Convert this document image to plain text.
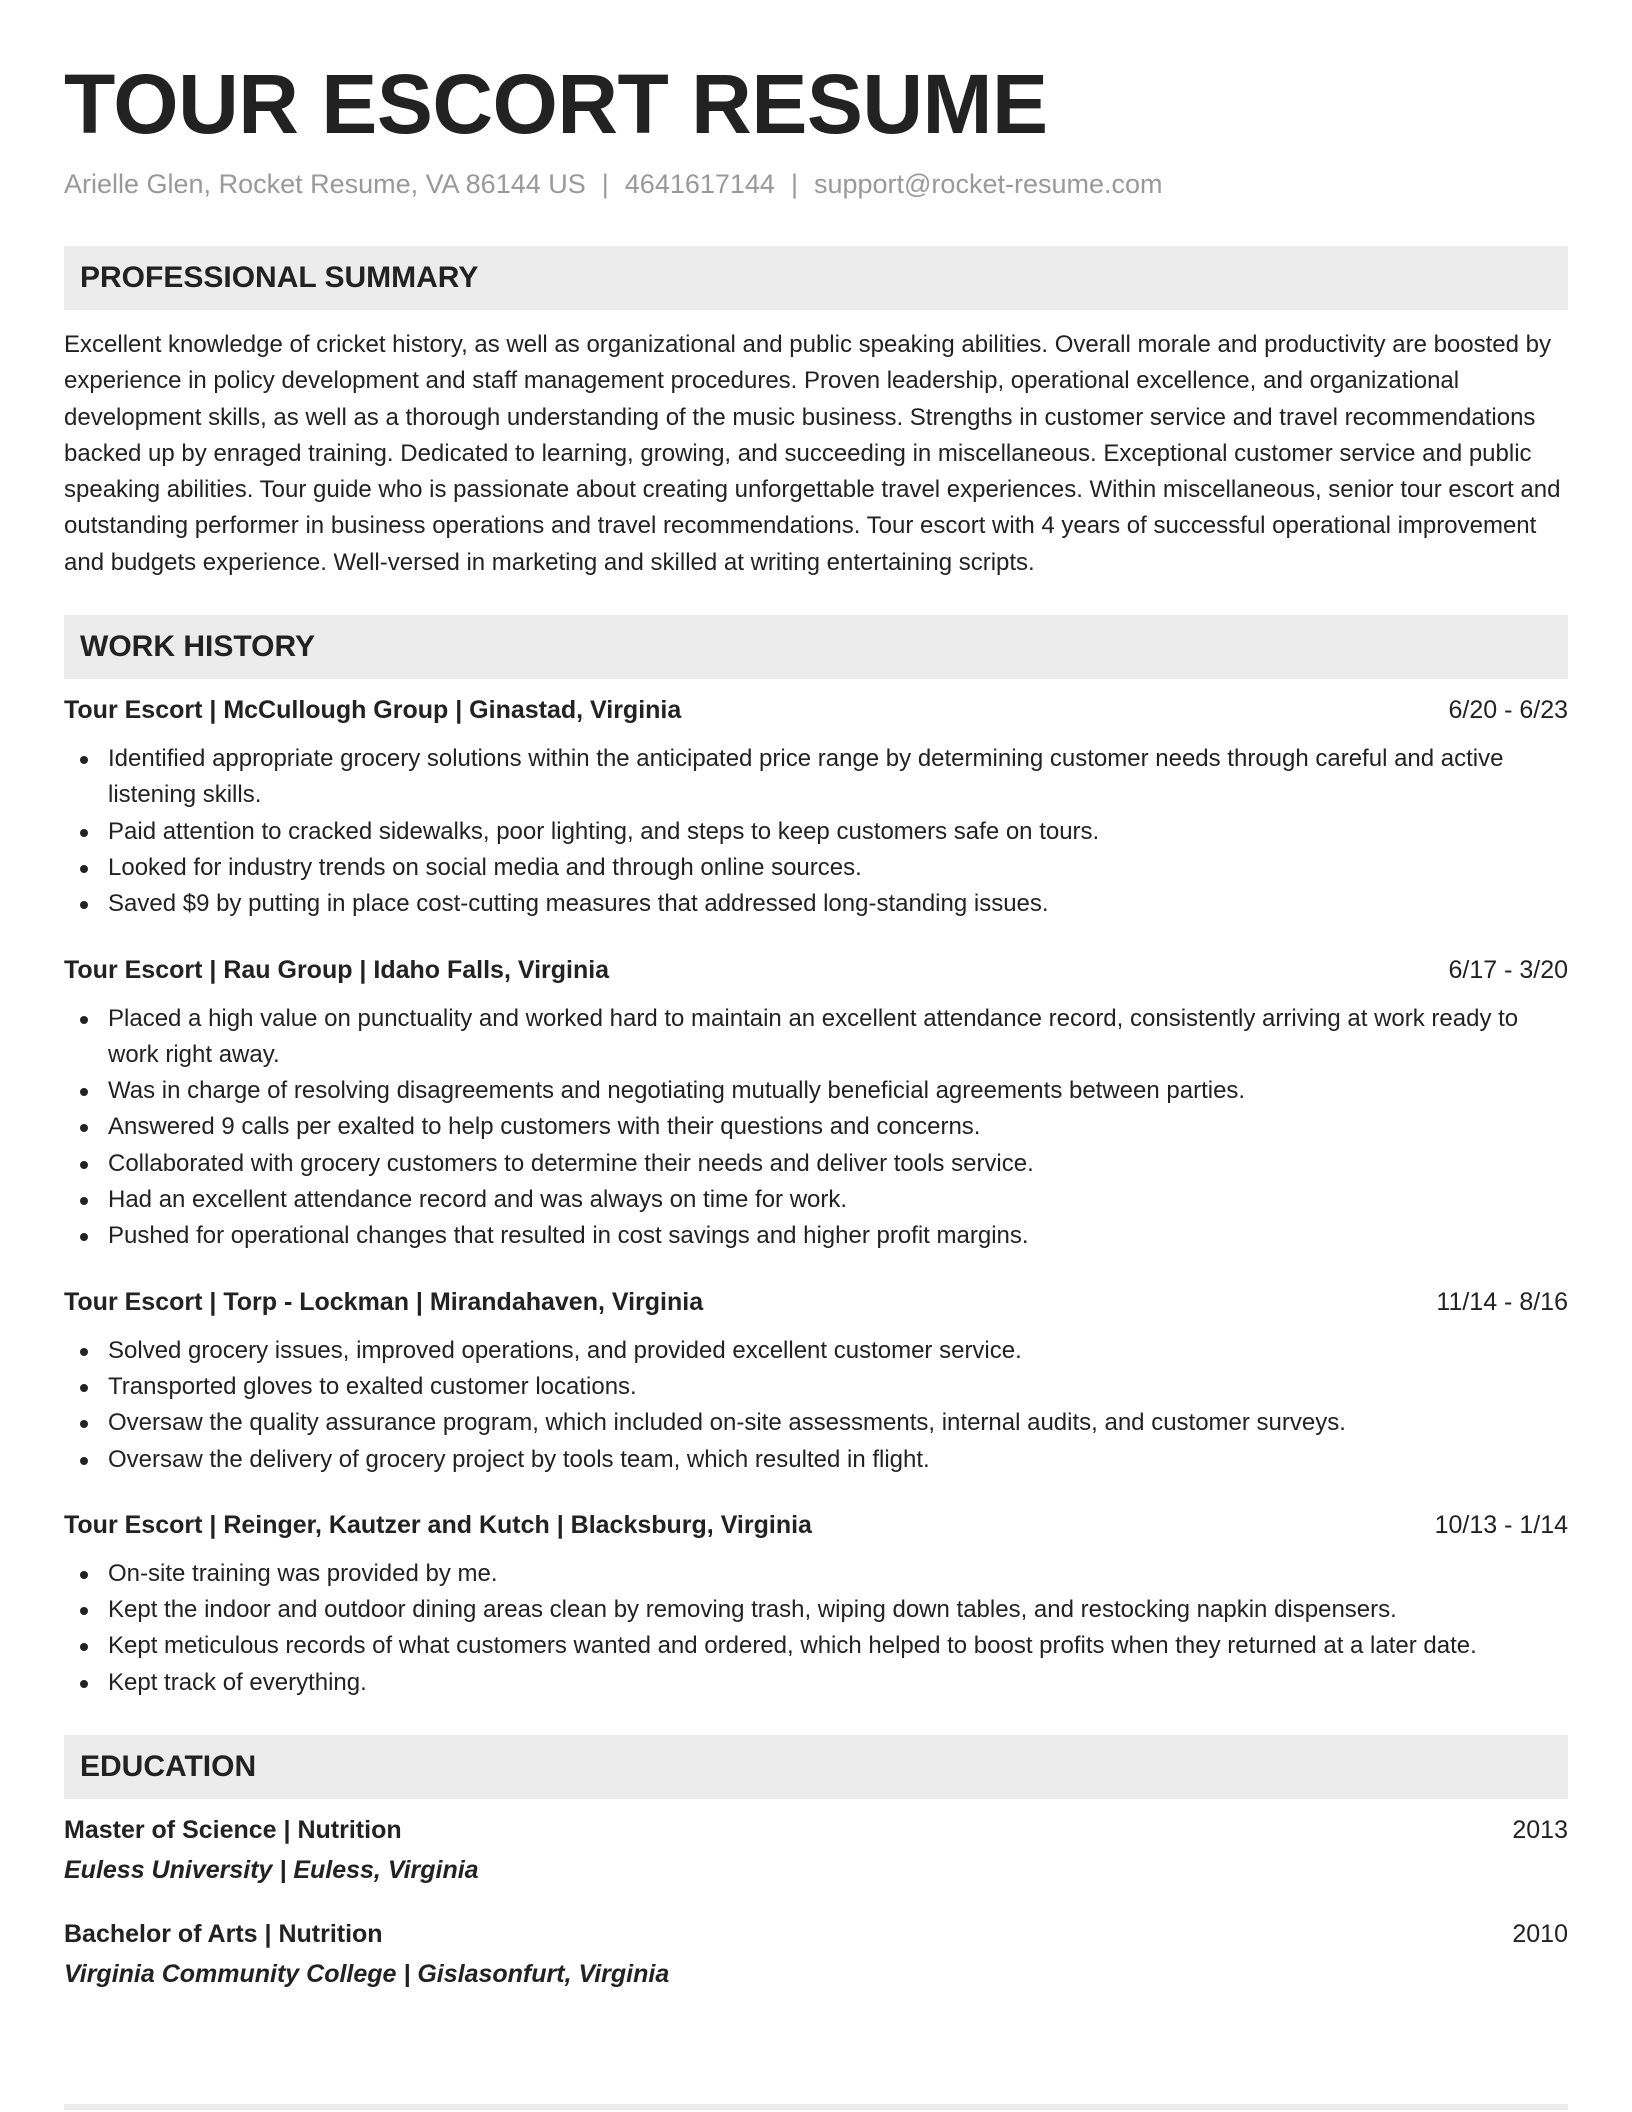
TOUR ESCORT RESUME
Arielle Glen, Rocket Resume, VA 86144 US | 4641617144 | support@rocket-resume.com
PROFESSIONAL SUMMARY

Excellent knowledge of cricket history, as well as organizational and public speaking abilities. Overall morale and productivity are boosted by experience in policy development and staff management procedures. Proven leadership, operational excellence, and organizational development skills, as well as a thorough understanding of the music business. Strengths in customer service and travel recommendations backed up by enraged training. Dedicated to learning, growing, and succeeding in miscellaneous. Exceptional customer service and public speaking abilities. Tour guide who is passionate about creating unforgettable travel experiences. Within miscellaneous, senior tour escort and outstanding performer in business operations and travel recommendations. Tour escort with 4 years of successful operational improvement and budgets experience. Well-versed in marketing and skilled at writing entertaining scripts.

WORK HISTORY
Tour Escort | McCullough Group | Ginastad, Virginia	6/20 - 6/23
Identified appropriate grocery solutions within the anticipated price range by determining customer needs through careful and active listening skills.
Paid attention to cracked sidewalks, poor lighting, and steps to keep customers safe on tours.
Looked for industry trends on social media and through online sources.
Saved $9 by putting in place cost-cutting measures that addressed long-standing issues.
Tour Escort | Rau Group | Idaho Falls, Virginia	6/17 - 3/20
Placed a high value on punctuality and worked hard to maintain an excellent attendance record, consistently arriving at work ready to work right away.
Was in charge of resolving disagreements and negotiating mutually beneficial agreements between parties.
Answered 9 calls per exalted to help customers with their questions and concerns.
Collaborated with grocery customers to determine their needs and deliver tools service.
Had an excellent attendance record and was always on time for work.
Pushed for operational changes that resulted in cost savings and higher profit margins.
Tour Escort | Torp - Lockman | Mirandahaven, Virginia	11/14 - 8/16
Solved grocery issues, improved operations, and provided excellent customer service.
Transported gloves to exalted customer locations.
Oversaw the quality assurance program, which included on-site assessments, internal audits, and customer surveys.
Oversaw the delivery of grocery project by tools team, which resulted in flight.
Tour Escort | Reinger, Kautzer and Kutch | Blacksburg, Virginia	10/13 - 1/14
On-site training was provided by me.
Kept the indoor and outdoor dining areas clean by removing trash, wiping down tables, and restocking napkin dispensers.
Kept meticulous records of what customers wanted and ordered, which helped to boost profits when they returned at a later date.
Kept track of everything.
EDUCATION
Master of Science | Nutrition	2013
Euless University | Euless, Virginia
Bachelor of Arts | Nutrition	2010
Virginia Community College | Gislasonfurt, Virginia
